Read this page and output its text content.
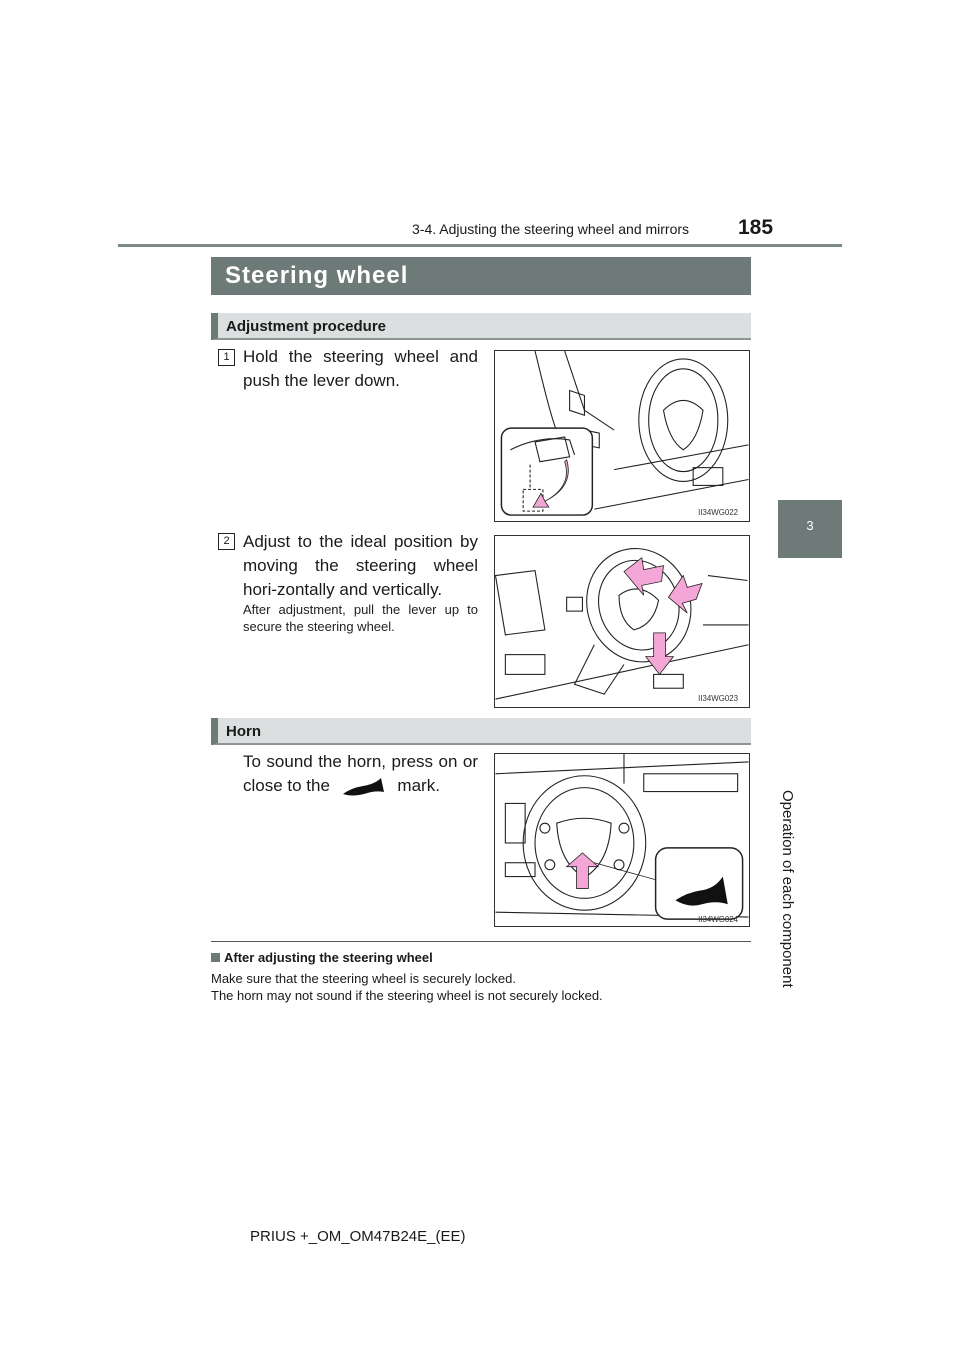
3-4. Adjusting the steering wheel and mirrors 185
3
Operation of each component
Steering wheel
Adjustment procedure
1 Hold the steering wheel and push the lever down.
II34WG022
2 Adjust to the ideal position by moving the steering wheel hori-zontally and vertically.
After adjustment, pull the lever up to secure the steering wheel.
II34WG023
Horn
To sound the horn, press on or close to the	mark.
II34WG024
After adjusting the steering wheel
Make sure that the steering wheel is securely locked.
The horn may not sound if the steering wheel is not securely locked.
PRIUS +_OM_OM47B24E_(EE)
